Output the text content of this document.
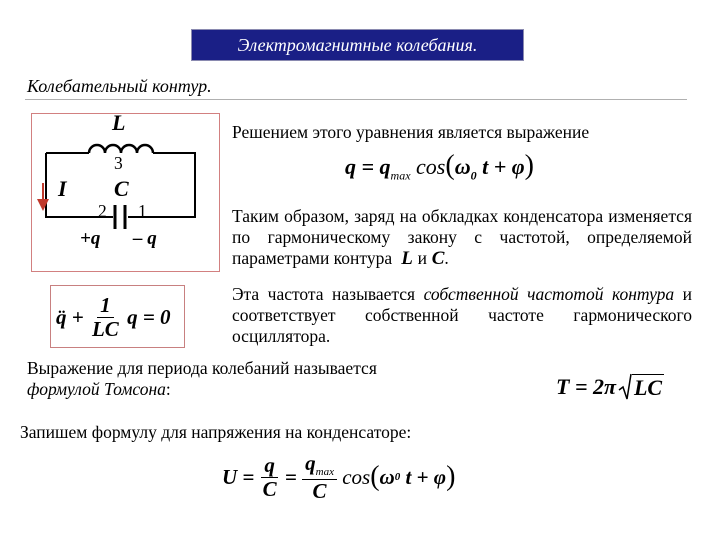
Электромагнитные колебания.
Колебательный контур.
L
3
C
I
2 1
+q – q
Решением этого уравнения является выражение
$q = q_{max}$ $\cos(\omega_0$ t + φ)
Таким образом, заряд на обкладках конденсатора изменяется по гармоническому закону с частотой, определяемой параметрами контура  L и C.
q̈ + $\frac{1}{LC}$ q = 0
Эта частота называется собственной частотой контура и соответствует собственной частоте гармонического осциллятора.
Выражение для периода колебаний называется
формулой Томсона:	T = 2π LC
Запишем формулу для напряжения на конденсаторе:
$U = \frac{q}{C} = \frac{q_{max}}{C}$ cos ( ω 0 t + φ )
